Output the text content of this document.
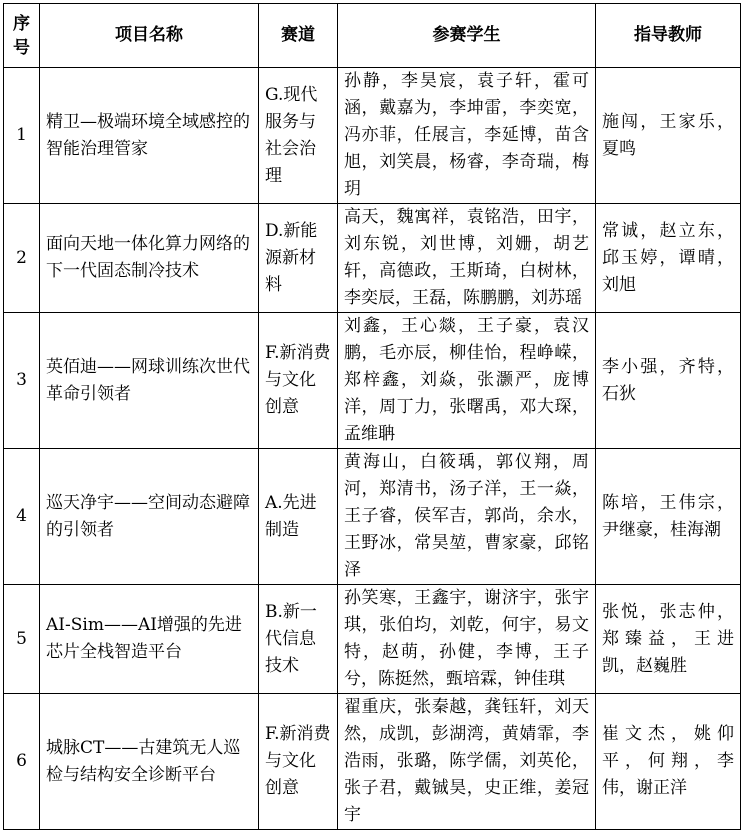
序号	项目名称	赛道	参赛学生	指导教师
1	精卫—极端环境全域感控的智能治理管家	G.现代服务与社会治理	孙静，李昊宸，袁子轩，霍可涵，戴嘉为，李坤雷，李奕宽，冯亦菲，任展言，李延博，苗含旭，刘笑晨，杨睿，李奇瑞，梅玥	施闯，王家乐，夏鸣
2	面向天地一体化算力网络的下一代固态制冷技术	D.新能源新材料	高天，魏寓祥，袁铭浩，田宇，刘东锐，刘世博，刘姗，胡艺轩，高德政，王斯琦，白树林，李奕辰，王磊，陈鹏鹏，刘苏瑶	常诚，赵立东，邱玉婷，谭晴，刘旭
3	英佰迪——网球训练次世代革命引领者	F.新消费与文化创意	刘鑫，王心燚，王子豪，袁汉鹏，毛亦辰，柳佳怡，程峥嵘，郑梓鑫，刘焱，张灏严，庞博洋，周丁力，张曙禹，邓大琛，孟维聃	李小强，齐特，石狄
4	巡天净宇——空间动态避障的引领者	A.先进制造	黄海山，白筱瑀，郭仪翔，周河，郑清书，汤子洋，王一焱，王子睿，侯军吉，郭尚，余水，王野冰，常昊堃，曹家豪，邱铭泽	陈培，王伟宗，尹继豪，桂海潮
5	AI-Sim——AI增强的先进芯片全栈智造平台	B.新一代信息技术	孙笑寒，王鑫宇，谢济宇，张宇琪，张伯均，刘乾，何宇，易文特，赵萌，孙健，李博，王子兮，陈挺然，甄培霖，钟佳琪	张悦，张志仲，郑臻益，王进凯，赵巍胜
6	城脉CT——古建筑无人巡检与结构安全诊断平台	F.新消费与文化创意	翟重庆，张秦越，龚钰轩，刘天然，成凯，彭湖湾，黄婧霏，李浩雨，张璐，陈学儒，刘英伦，张子君，戴铖昊，史正维，姜冠宇	崔文杰，姚仰平，何翔，李伟，谢正洋
